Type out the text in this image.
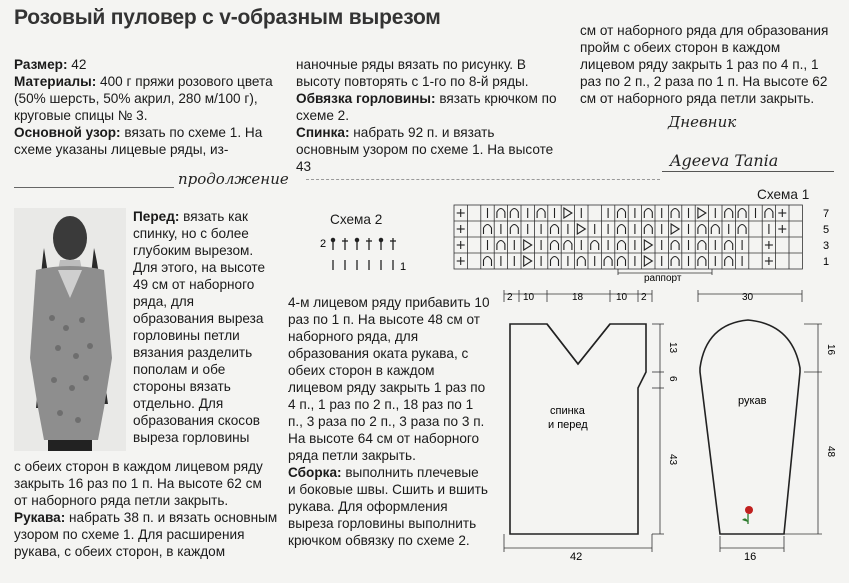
Розовый пуловер с v-образным вырезом

Размер: 42

Материалы: 400 г пряжи розового цвета (50% шерсть, 50% акрил, 280 м/100 г), круговые спицы № 3.

Основной узор: вязать по схеме 1. На схеме указаны лицевые ряды, из-

наночные ряды вязать по рисунку. В высоту повторять с 1-го по 8-й ряды.

Обвязка горловины: вязать крючком по схеме 2.

Спинка: набрать 92 п. и вязать основным узором по схеме 1. На высоте 43

см от наборного ряда для образования пройм с обеих сторон в каждом лицевом ряду закрыть 1 раз по 4 п., 1 раз по 2 п., 2 раза по 1 п. На высоте 62 см от наборного ряда петли закрыть.

Дневник
Ageeva Tania
продолжение

Перед: вязать как спинку, но с более глубоким вырезом. Для этого, на высоте 49 см от наборного ряда, для образования выреза горловины петли вязания разделить пополам и обе стороны вязать отдельно. Для образования скосов выреза горловины

с обеих сторон в каждом лицевом ряду закрыть 16 раз по 1 п. На высоте 62 см от наборного ряда петли закрыть.

Рукава: набрать 38 п. и вязать основным узором по схеме 1. Для расширения рукава, с обеих сторон, в каждом

4-м лицевом ряду прибавить 10 раз по 1 п. На высоте 48 см от наборного ряда, для образования оката рукава, с обеих сторон в каждом лицевом ряду закрыть 1 раз по 4 п., 1 раз по 2 п., 18 раз по 1 п., 3 раза по 2 п., 3 раза по 3 п. На высоте 64 см от наборного ряда петли закрыть.

Сборка: выполнить плечевые и боковые швы. Сшить и вшить рукава. Для оформления выреза горловины выполнить крючком обвязку по схеме 2.

Схема 2
2
1
Схема 1
7
5
3
1
раппорт
2 10	18	10 2
13
6
43
спинка
и перед
42
30
16
48
рукав
16
